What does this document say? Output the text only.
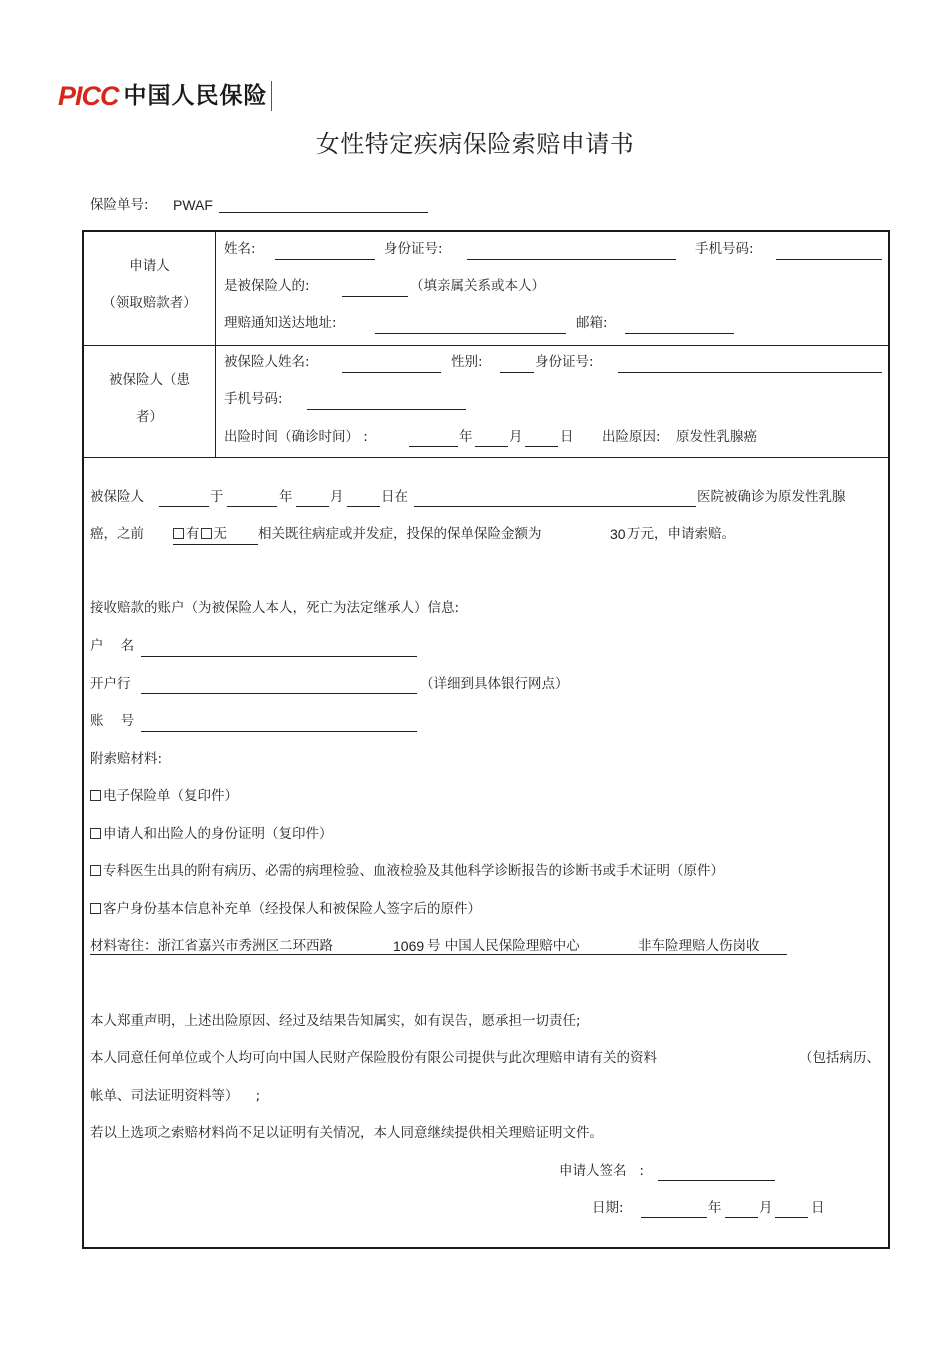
PICC 中国人民保险
女性特定疾病保险索赔申请书
保险单号: PWAF
申请人
（领取赔款者）
姓名:	身份证号:	手机号码:
是被保险人的:	（填亲属关系或本人）
理赔通知送达地址:	邮箱:
被保险人（患
者）
被保险人姓名:	性别:	身份证号:
手机号码:
出险时间（确诊时间） :	年	月	日 出险原因: 原发性乳腺癌
被保险人	于	年	月	日在	医院被确诊为原发性乳腺
癌，之前	有 无 相关既往病症或并发症，投保的保单保险金额为	30 万元，申请索赔。
接收赔款的账户（为被保险人本人，死亡为法定继承人）信息:
户    名
开户行	（详细到具体银行网点）
账    号
附索赔材料:
电子保险单（复印件）
申请人和出险人的身份证明（复印件）
专科医生出具的附有病历、必需的病理检验、血液检验及其他科学诊断报告的诊断书或手术证明（原件）
客户身份基本信息补充单（经投保人和被保险人签字后的原件）
材料寄往：浙江省嘉兴市秀洲区二环西路	1069 号 中国人民保险理赔中心	非车险理赔人伤岗收
本人郑重声明，上述出险原因、经过及结果告知属实，如有误告，愿承担一切责任;
本人同意任何单位或个人均可向中国人民财产保险股份有限公司提供与此次理赔申请有关的资料	（包括病历、
帐单、司法证明资料等）    ;
若以上选项之索赔材料尚不足以证明有关情况，本人同意继续提供相关理赔证明文件。
申请人签名   :
日期:	年	月	日
